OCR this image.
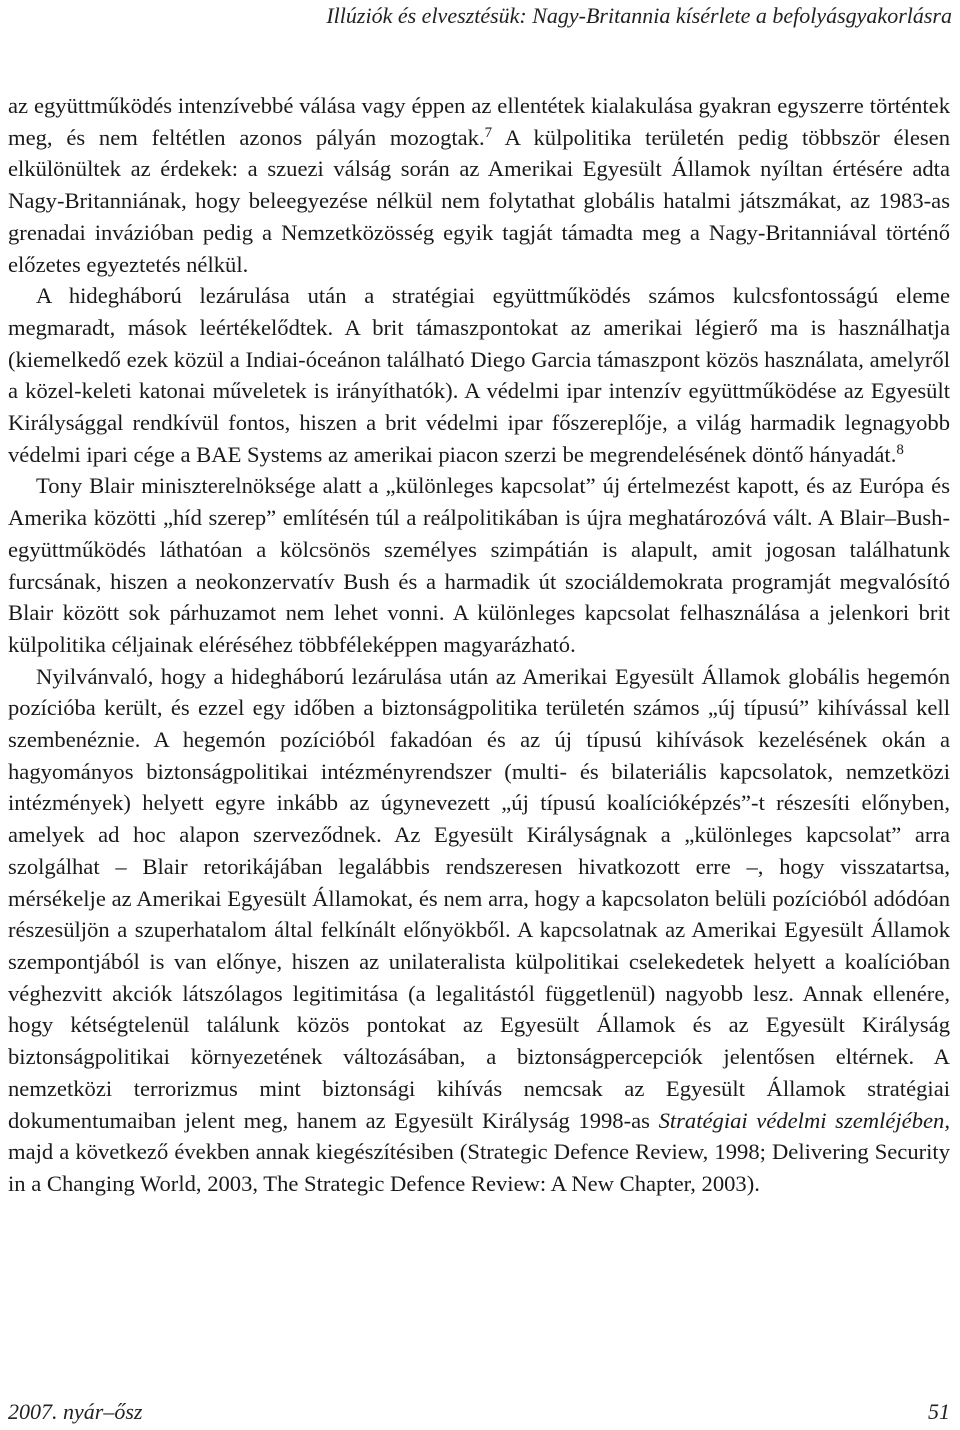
Illúziók és elvesztésük: Nagy-Britannia kísérlete a befolyásgyakorlásra

az együttműködés intenzívebbé válása vagy éppen az ellentétek kialakulása gyakran egyszerre történtek meg, és nem feltétlen azonos pályán mozogtak.$^7$ A külpolitika területén pedig többször élesen elkülönültek az érdekek: a szuezi válság során az Amerikai Egyesült Államok nyíltan értésére adta Nagy-Britanniának, hogy beleegyezése nélkül nem folytathat globális hatalmi játszmákat, az 1983-as grenadai invázióban pedig a Nemzetközösség egyik tagját támadta meg a Nagy-Britanniával történő előzetes egyeztetés nélkül.

A hidegháború lezárulása után a stratégiai együttműködés számos kulcsfontosságú eleme megmaradt, mások leértékelődtek. A brit támaszpontokat az amerikai légierő ma is használhatja (kiemelkedő ezek közül a Indiai-óceánon található Diego Garcia támaszpont közös használata, amelyről a közel-keleti katonai műveletek is irányíthatók). A védelmi ipar intenzív együttműködése az Egyesült Királysággal rendkívül fontos, hiszen a brit védelmi ipar főszereplője, a világ harmadik legnagyobb védelmi ipari cége a BAE Systems az amerikai piacon szerzi be megrendelésének döntő hányadát.$^8$

Tony Blair miniszterelnöksége alatt a „különleges kapcsolat” új értelmezést kapott, és az Európa és Amerika közötti „híd szerep” említésén túl a reálpolitikában is újra meghatározóvá vált. A Blair–Bush-együttműködés láthatóan a kölcsönös személyes szimpátián is alapult, amit jogosan találhatunk furcsának, hiszen a neokonzervatív Bush és a harmadik út szociáldemokrata programját megvalósító Blair között sok párhuzamot nem lehet vonni. A különleges kapcsolat felhasználása a jelenkori brit külpolitika céljainak eléréséhez többféleképpen magyarázható.

Nyilvánvaló, hogy a hidegháború lezárulása után az Amerikai Egyesült Államok globális hegemón pozícióba került, és ezzel egy időben a biztonságpolitika területén számos „új típusú” kihívással kell szembenéznie. A hegemón pozícióból fakadóan és az új típusú kihívások kezelésének okán a hagyományos biztonságpolitikai intézményrendszer (multi- és bilateriális kapcsolatok, nemzetközi intézmények) helyett egyre inkább az úgynevezett „új típusú koalícióképzés”-t részesíti előnyben, amelyek ad hoc alapon szerveződnek. Az Egyesült Királyságnak a „különleges kapcsolat” arra szolgálhat – Blair retorikájában legalábbis rendszeresen hivatkozott erre –, hogy visszatartsa, mérsékelje az Amerikai Egyesült Államokat, és nem arra, hogy a kapcsolaton belüli pozícióból adódóan részesüljön a szuperhatalom által felkínált előnyökből. A kapcsolatnak az Amerikai Egyesült Államok szempontjából is van előnye, hiszen az unilateralista külpolitikai cselekedetek helyett a koalícióban véghezvitt akciók látszólagos legitimitása (a legalitástól függetlenül) nagyobb lesz. Annak ellenére, hogy kétségtelenül találunk közös pontokat az Egyesült Államok és az Egyesült Királyság biztonságpolitikai környezetének változásában, a biztonságpercepciók jelentősen eltérnek. A nemzetközi terrorizmus mint biztonsági kihívás nemcsak az Egyesült Államok stratégiai dokumentumaiban jelent meg, hanem az Egyesült Királyság 1998-as Stratégiai védelmi szemléjében, majd a következő években annak kiegészítésiben (Strategic Defence Review, 1998; Delivering Security in a Changing World, 2003, The Strategic Defence Review: A New Chapter, 2003).

2007. nyár–ősz	51
